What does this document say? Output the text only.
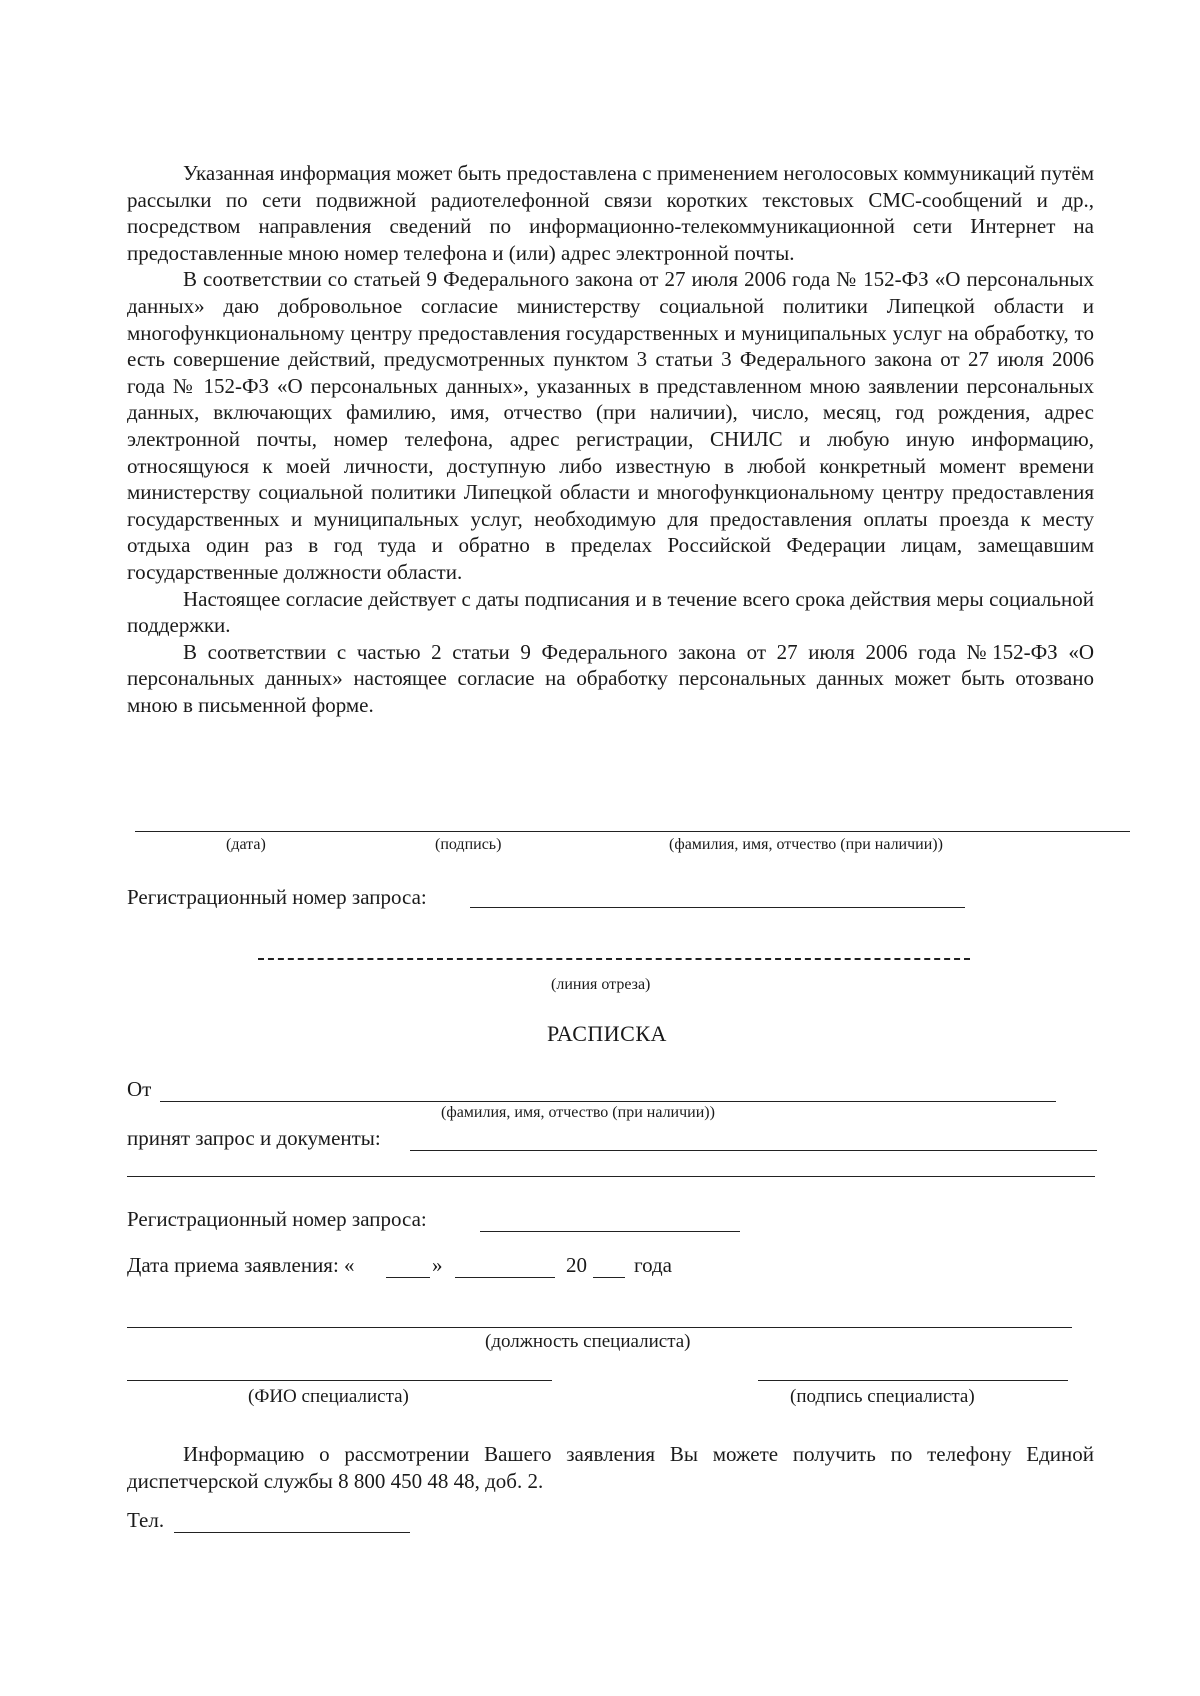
Указанная информация может быть предоставлена с применением неголосовых коммуникаций путём рассылки по сети подвижной радиотелефонной связи коротких текстовых СМС-сообщений и др., посредством направления сведений по информационно-телекоммуникационной сети Интернет на предоставленные мною номер телефона и (или) адрес электронной почты.

В соответствии со статьей 9 Федерального закона от 27 июля 2006 года № 152-ФЗ «О персональных данных» даю добровольное согласие министерству социальной политики Липецкой области и многофункциональному центру предоставления государственных и муниципальных услуг на обработку, то есть совершение действий, предусмотренных пунктом 3 статьи 3 Федерального закона от 27 июля 2006 года № 152-ФЗ «О персональных данных», указанных в представленном мною заявлении персональных данных, включающих фамилию, имя, отчество (при наличии), число, месяц, год рождения, адрес электронной почты, номер телефона, адрес регистрации, СНИЛС и любую иную информацию, относящуюся к моей личности, доступную либо известную в любой конкретный момент времени министерству социальной политики Липецкой области и многофункциональному центру предоставления государственных и муниципальных услуг, необходимую для предоставления оплаты проезда к месту отдыха один раз в год туда и обратно в пределах Российской Федерации лицам, замещавшим государственные должности области.

Настоящее согласие действует с даты подписания и в течение всего срока действия меры социальной поддержки.

В соответствии с частью 2 статьи 9 Федерального закона от 27 июля 2006 года №152-ФЗ «О персональных данных» настоящее согласие на обработку персональных данных может быть отозвано мною в письменной форме.

(дата)	(подпись)	(фамилия, имя, отчество (при наличии))
Регистрационный номер запроса:
(линия отреза)
РАСПИСКА
От
(фамилия, имя, отчество (при наличии))
принят запрос и документы:
Регистрационный номер запроса:
Дата приема заявления: «	»	20 года
(должность специалиста)
(ФИО специалиста)	(подпись специалиста)

Информацию о рассмотрении Вашего заявления Вы можете получить по телефону Единой диспетчерской службы 8 800 450 48 48, доб. 2.

Тел.
